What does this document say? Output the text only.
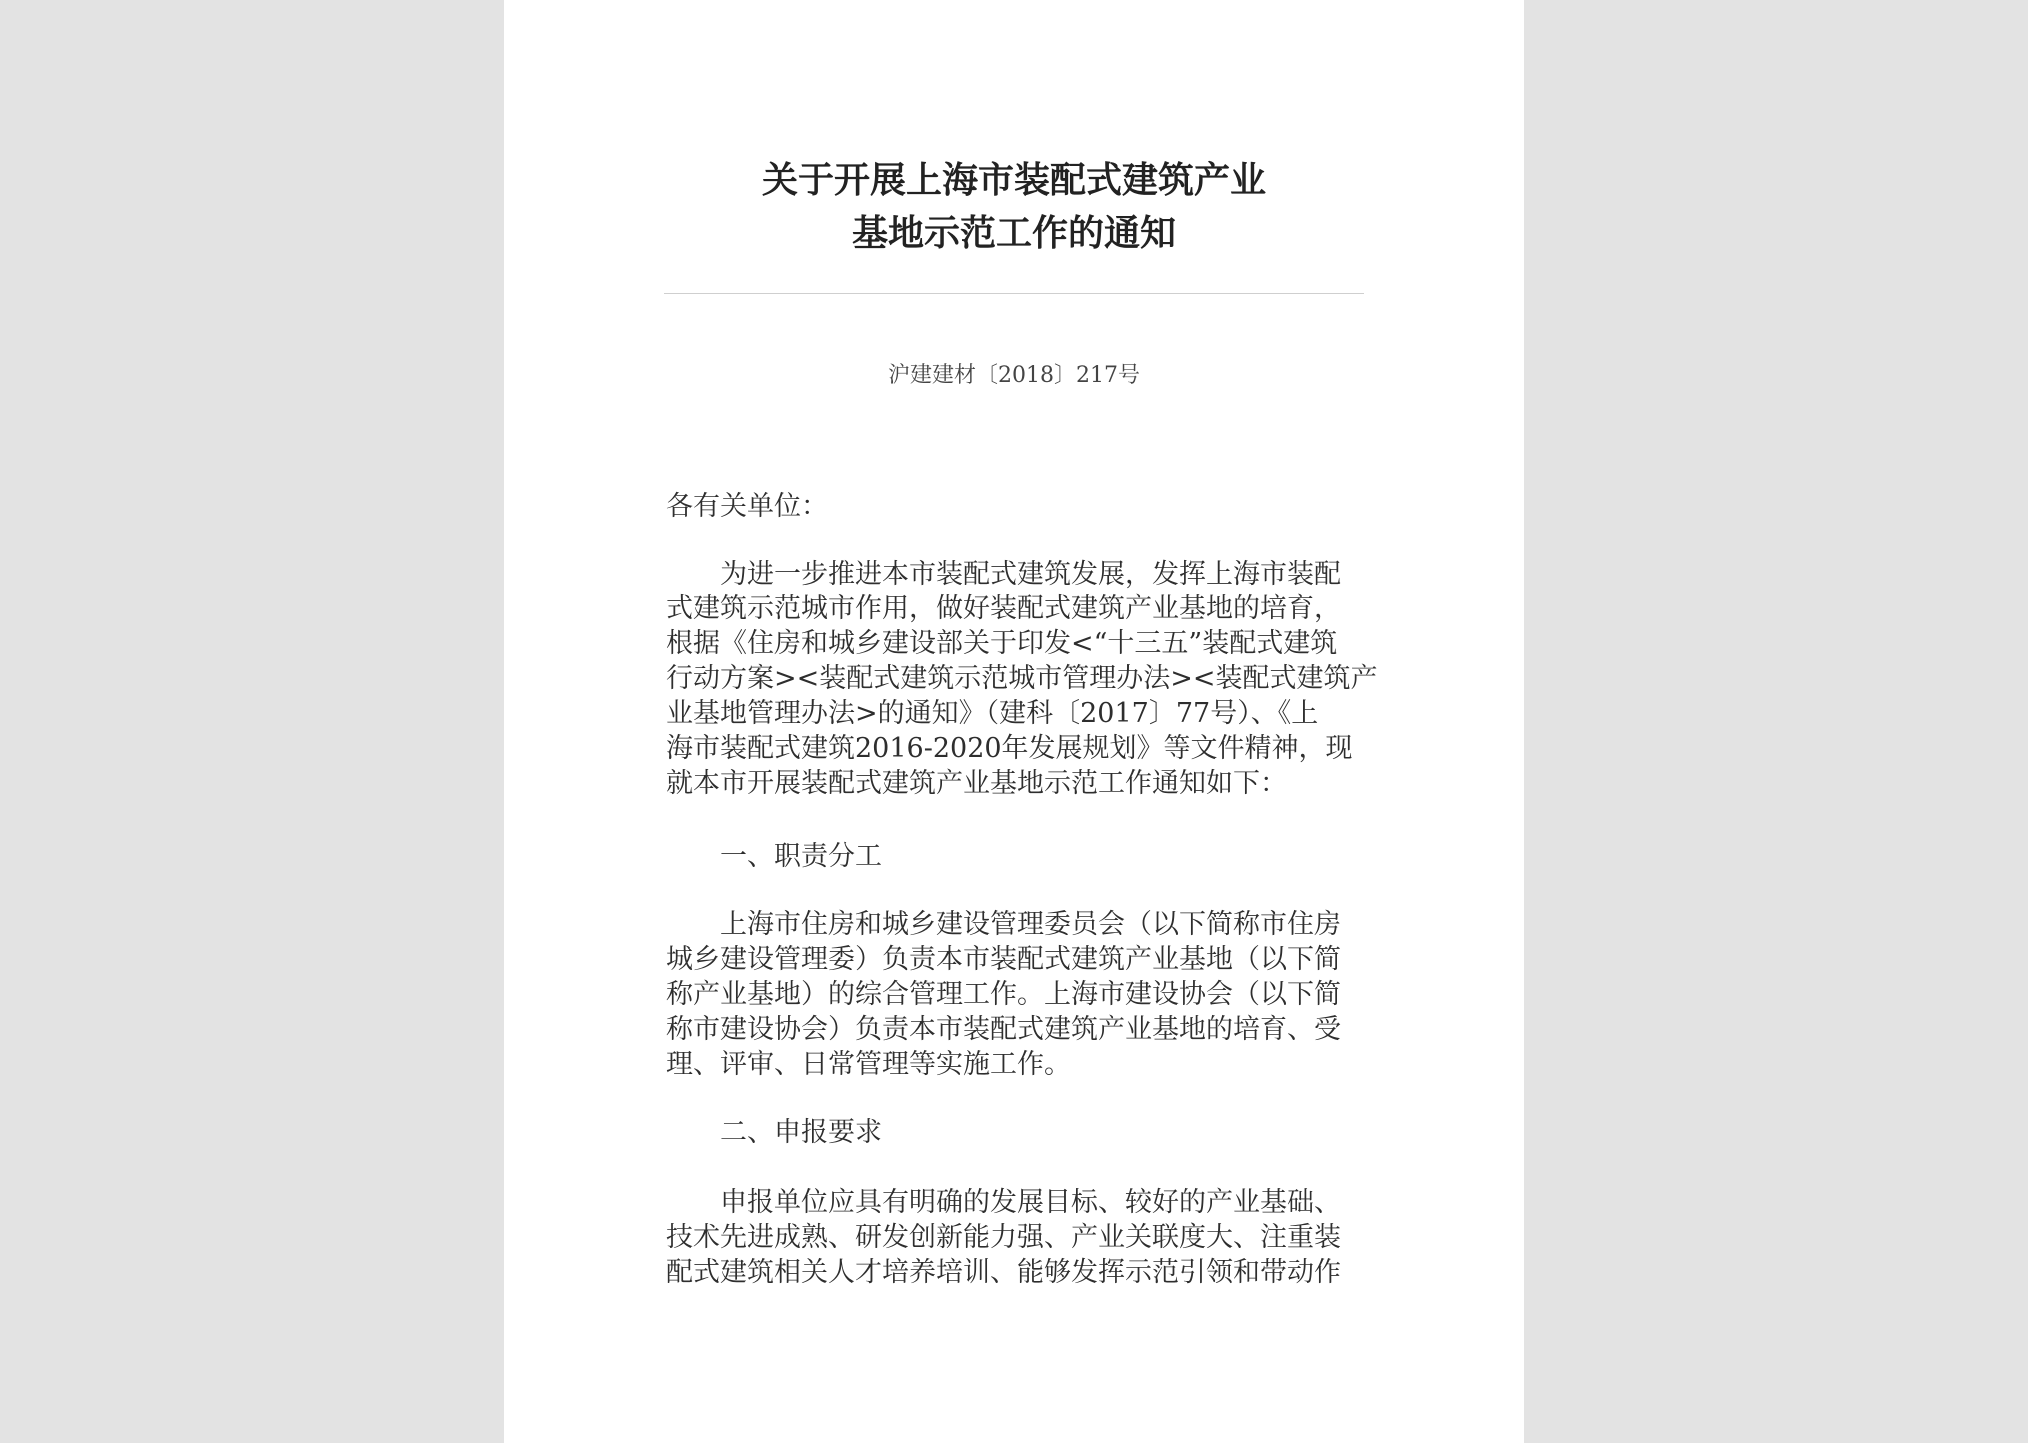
关于开展上海市装配式建筑产业
基地示范工作的通知
沪建建材〔2018〕217号
各有关单位：
为进一步推进本市装配式建筑发展，发挥上海市装配
式建筑示范城市作用，做好装配式建筑产业基地的培育，
根据《住房和城乡建设部关于印发<“十三五”装配式建筑
行动方案><装配式建筑示范城市管理办法><装配式建筑产
业基地管理办法>的通知》（建科〔2017〕77号）、《上
海市装配式建筑2016-2020年发展规划》等文件精神，现
就本市开展装配式建筑产业基地示范工作通知如下：
一、职责分工
上海市住房和城乡建设管理委员会（以下简称市住房
城乡建设管理委）负责本市装配式建筑产业基地（以下简
称产业基地）的综合管理工作。上海市建设协会（以下简
称市建设协会）负责本市装配式建筑产业基地的培育、受
理、评审、日常管理等实施工作。
二、申报要求
申报单位应具有明确的发展目标、较好的产业基础、
技术先进成熟、研发创新能力强、产业关联度大、注重装
配式建筑相关人才培养培训、能够发挥示范引领和带动作
